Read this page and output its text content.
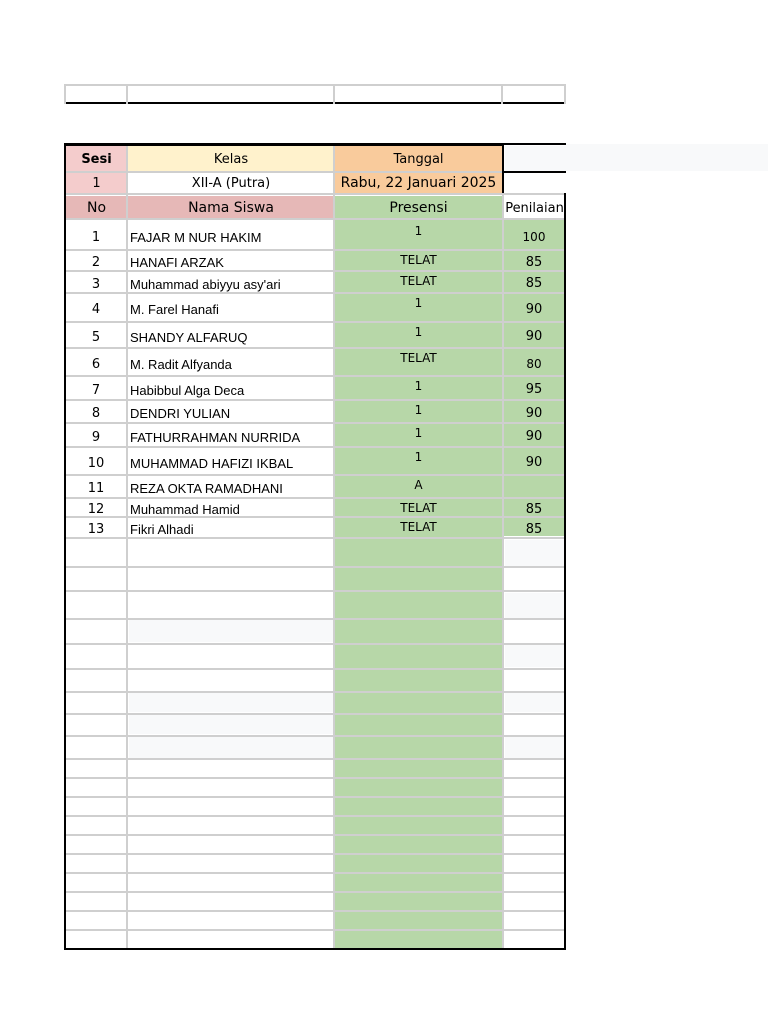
Sesi	Kelas	Tanggal
1	XII-A (Putra)	Rabu, 22 Januari 2025
No	Nama Siswa	Presensi	Penilaian
1	FAJAR M NUR HAKIM	1	100
2	HANAFI ARZAK	TELAT	85
3	Muhammad abiyyu asy'ari	TELAT	85
4	M. Farel Hanafi	1	90
5	SHANDY ALFARUQ	1	90
6	M. Radit Alfyanda	TELAT	80
7	Habibbul Alga Deca	1	95
8	DENDRI YULIAN	1	90
9	FATHURRAHMAN NURRIDA	1	90
10	MUHAMMAD HAFIZI IKBAL	1	90
11	REZA OKTA RAMADHANI	A
12	Muhammad Hamid	TELAT	85
13	Fikri Alhadi	TELAT	85
